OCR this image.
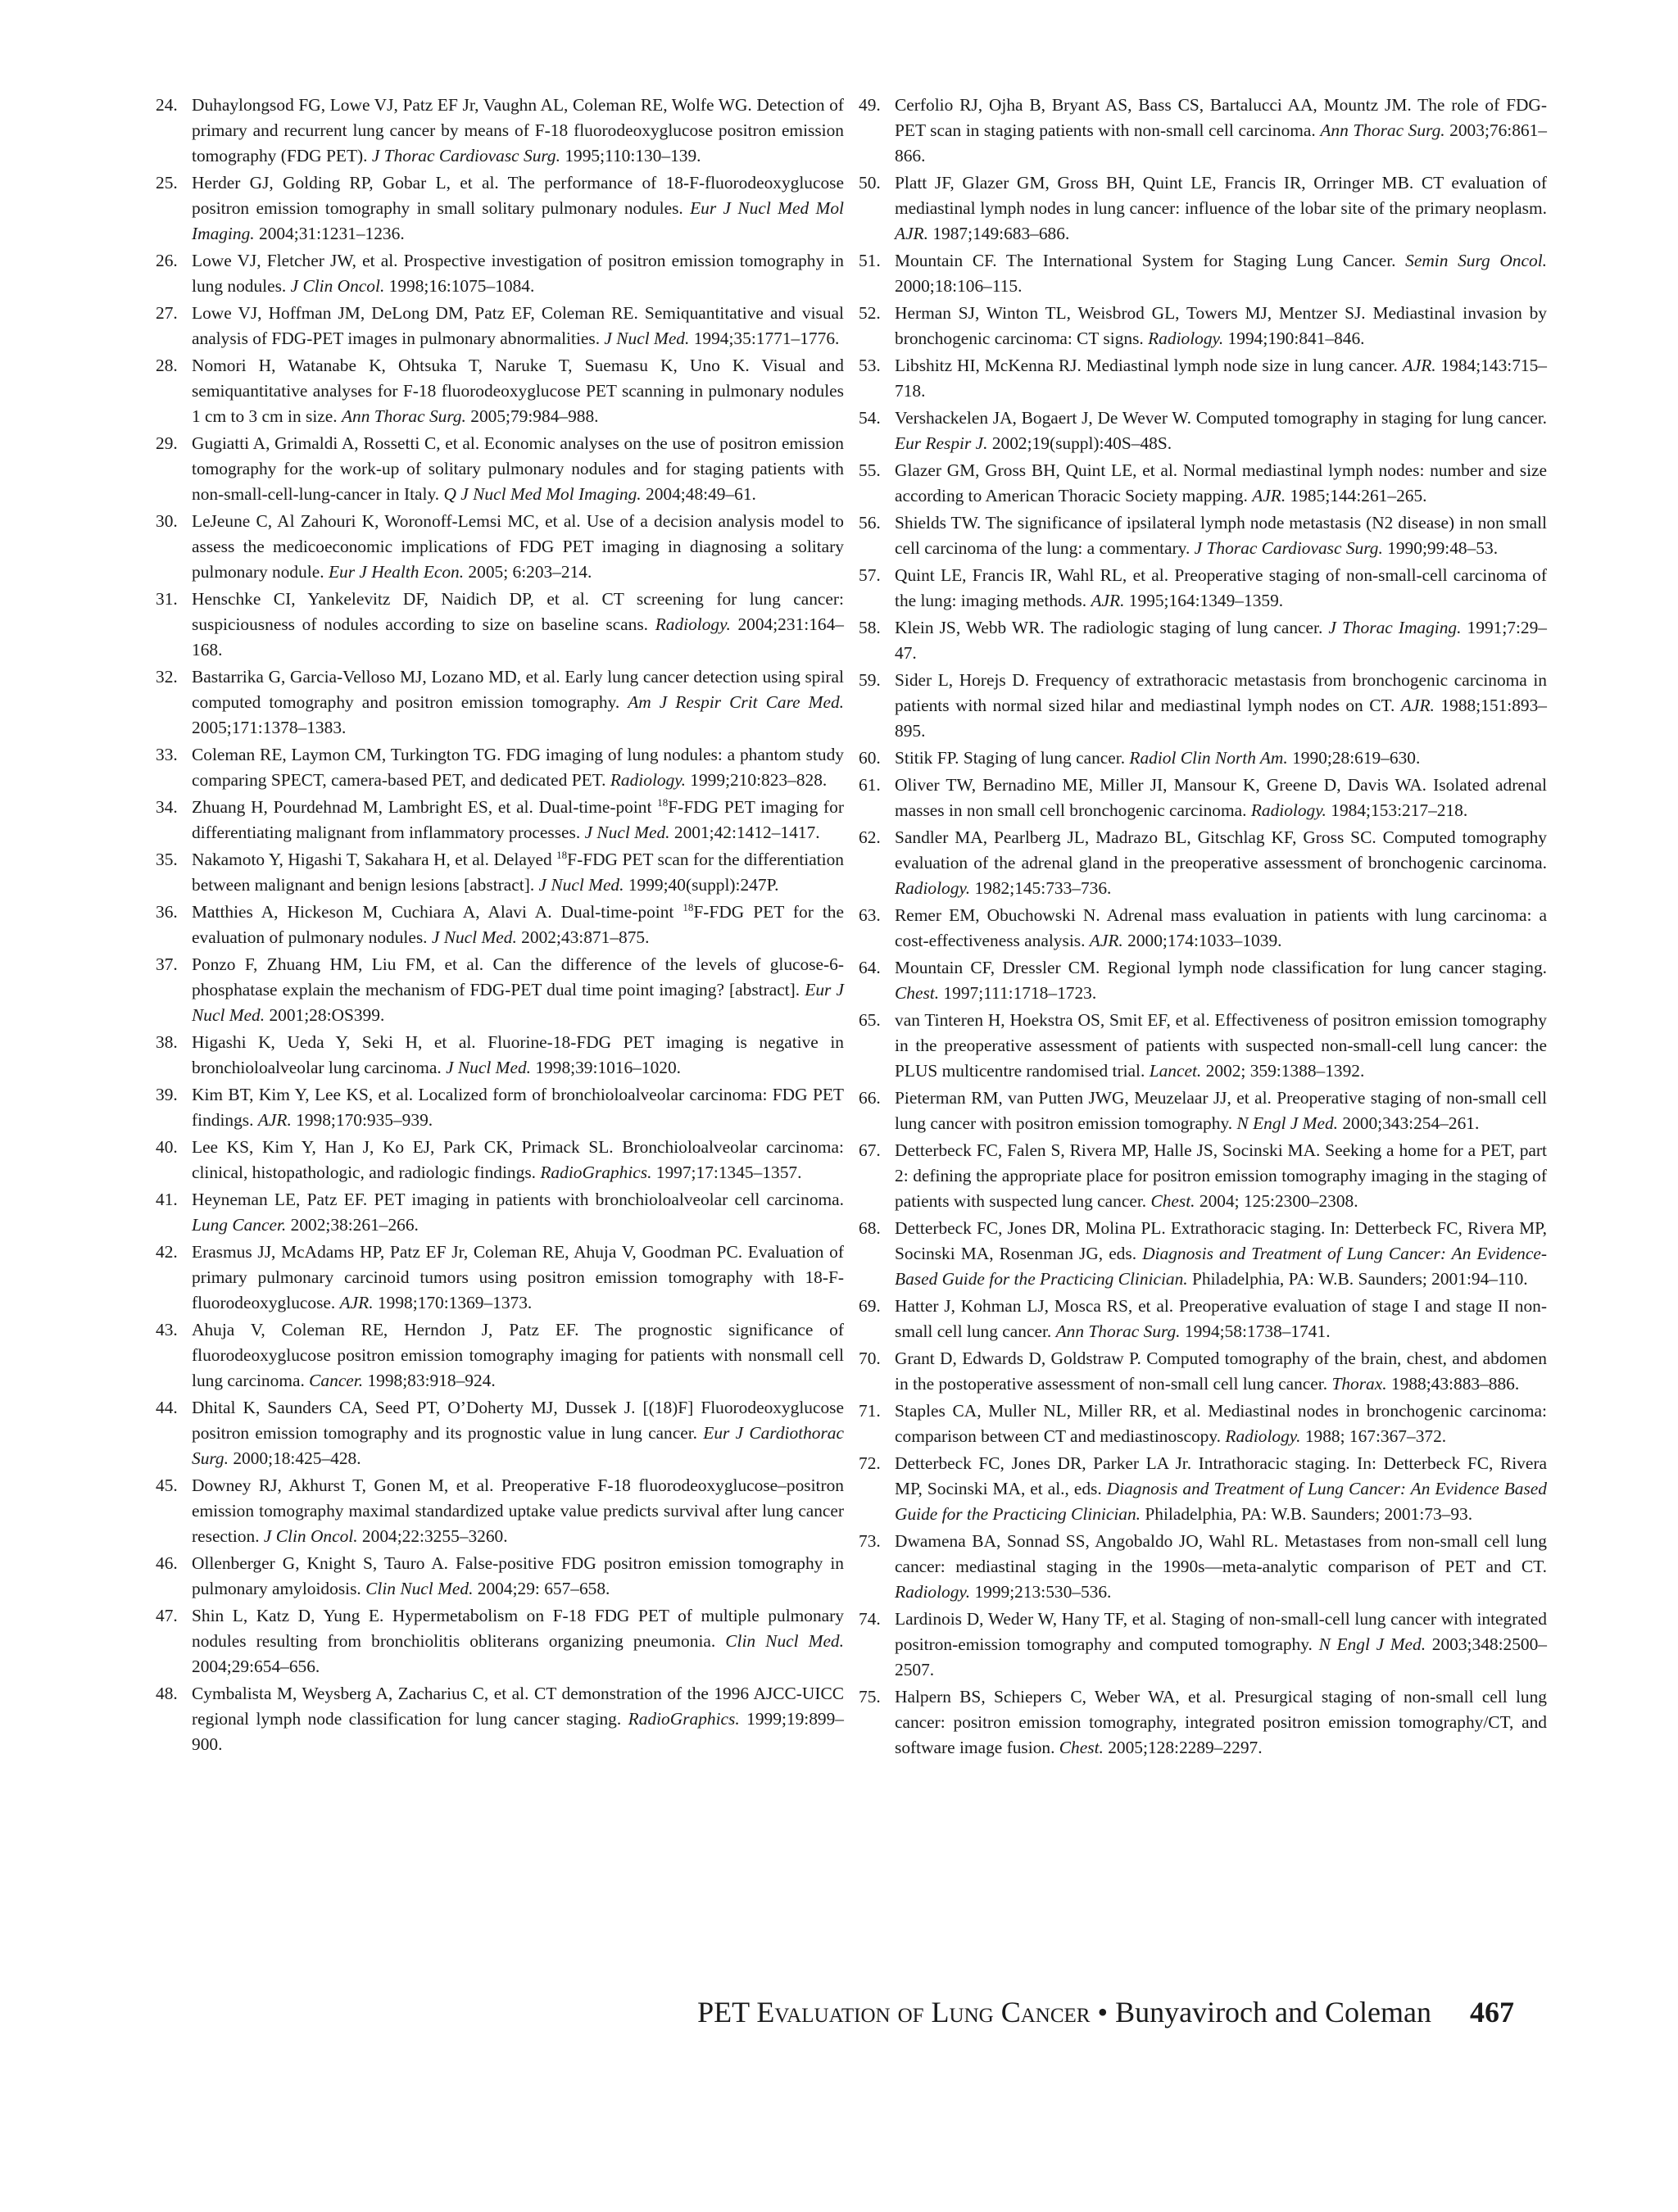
24. Duhaylongsod FG, Lowe VJ, Patz EF Jr, Vaughn AL, Coleman RE, Wolfe WG. Detection of primary and recurrent lung cancer by means of F-18 fluorodeoxyglucose positron emission tomography (FDG PET). J Thorac Cardiovasc Surg. 1995;110:130–139.
25. Herder GJ, Golding RP, Gobar L, et al. The performance of 18-F-fluorodeoxyglucose positron emission tomography in small solitary pulmonary nodules. Eur J Nucl Med Mol Imaging. 2004;31:1231–1236.
26. Lowe VJ, Fletcher JW, et al. Prospective investigation of positron emission tomography in lung nodules. J Clin Oncol. 1998;16:1075–1084.
27. Lowe VJ, Hoffman JM, DeLong DM, Patz EF, Coleman RE. Semiquantitative and visual analysis of FDG-PET images in pulmonary abnormalities. J Nucl Med. 1994;35:1771–1776.
28. Nomori H, Watanabe K, Ohtsuka T, Naruke T, Suemasu K, Uno K. Visual and semiquantitative analyses for F-18 fluorodeoxyglucose PET scanning in pulmonary nodules 1 cm to 3 cm in size. Ann Thorac Surg. 2005;79:984–988.
29. Gugiatti A, Grimaldi A, Rossetti C, et al. Economic analyses on the use of positron emission tomography for the work-up of solitary pulmonary nodules and for staging patients with non-small-cell-lung-cancer in Italy. Q J Nucl Med Mol Imaging. 2004;48:49–61.
30. LeJeune C, Al Zahouri K, Woronoff-Lemsi MC, et al. Use of a decision analysis model to assess the medicoeconomic implications of FDG PET imaging in diagnosing a solitary pulmonary nodule. Eur J Health Econ. 2005; 6:203–214.
31. Henschke CI, Yankelevitz DF, Naidich DP, et al. CT screening for lung cancer: suspiciousness of nodules according to size on baseline scans. Radiology. 2004;231:164–168.
32. Bastarrika G, Garcia-Velloso MJ, Lozano MD, et al. Early lung cancer detection using spiral computed tomography and positron emission tomography. Am J Respir Crit Care Med. 2005;171:1378–1383.
33. Coleman RE, Laymon CM, Turkington TG. FDG imaging of lung nodules: a phantom study comparing SPECT, camera-based PET, and dedicated PET. Radiology. 1999;210:823–828.
34. Zhuang H, Pourdehnad M, Lambright ES, et al. Dual-time-point $^{18}$F-FDG PET imaging for differentiating malignant from inflammatory processes. J Nucl Med. 2001;42:1412–1417.
35. Nakamoto Y, Higashi T, Sakahara H, et al. Delayed $^{18}$F-FDG PET scan for the differentiation between malignant and benign lesions [abstract]. J Nucl Med. 1999;40(suppl):247P.
36. Matthies A, Hickeson M, Cuchiara A, Alavi A. Dual-time-point $^{18}$F-FDG PET for the evaluation of pulmonary nodules. J Nucl Med. 2002;43:871–875.
37. Ponzo F, Zhuang HM, Liu FM, et al. Can the difference of the levels of glucose-6-phosphatase explain the mechanism of FDG-PET dual time point imaging? [abstract]. Eur J Nucl Med. 2001;28:OS399.
38. Higashi K, Ueda Y, Seki H, et al. Fluorine-18-FDG PET imaging is negative in bronchioloalveolar lung carcinoma. J Nucl Med. 1998;39:1016–1020.
39. Kim BT, Kim Y, Lee KS, et al. Localized form of bronchioloalveolar carcinoma: FDG PET findings. AJR. 1998;170:935–939.
40. Lee KS, Kim Y, Han J, Ko EJ, Park CK, Primack SL. Bronchioloalveolar carcinoma: clinical, histopathologic, and radiologic findings. RadioGraphics. 1997;17:1345–1357.
41. Heyneman LE, Patz EF. PET imaging in patients with bronchioloalveolar cell carcinoma. Lung Cancer. 2002;38:261–266.
42. Erasmus JJ, McAdams HP, Patz EF Jr, Coleman RE, Ahuja V, Goodman PC. Evaluation of primary pulmonary carcinoid tumors using positron emission tomography with 18-F-fluorodeoxyglucose. AJR. 1998;170:1369–1373.
43. Ahuja V, Coleman RE, Herndon J, Patz EF. The prognostic significance of fluorodeoxyglucose positron emission tomography imaging for patients with nonsmall cell lung carcinoma. Cancer. 1998;83:918–924.
44. Dhital K, Saunders CA, Seed PT, O’Doherty MJ, Dussek J. [(18)F] Fluorodeoxyglucose positron emission tomography and its prognostic value in lung cancer. Eur J Cardiothorac Surg. 2000;18:425–428.
45. Downey RJ, Akhurst T, Gonen M, et al. Preoperative F-18 fluorodeoxyglucose–positron emission tomography maximal standardized uptake value predicts survival after lung cancer resection. J Clin Oncol. 2004;22:3255–3260.
46. Ollenberger G, Knight S, Tauro A. False-positive FDG positron emission tomography in pulmonary amyloidosis. Clin Nucl Med. 2004;29: 657–658.
47. Shin L, Katz D, Yung E. Hypermetabolism on F-18 FDG PET of multiple pulmonary nodules resulting from bronchiolitis obliterans organizing pneumonia. Clin Nucl Med. 2004;29:654–656.
48. Cymbalista M, Weysberg A, Zacharius C, et al. CT demonstration of the 1996 AJCC-UICC regional lymph node classification for lung cancer staging. RadioGraphics. 1999;19:899–900.
49. Cerfolio RJ, Ojha B, Bryant AS, Bass CS, Bartalucci AA, Mountz JM. The role of FDG-PET scan in staging patients with non-small cell carcinoma. Ann Thorac Surg. 2003;76:861–866.
50. Platt JF, Glazer GM, Gross BH, Quint LE, Francis IR, Orringer MB. CT evaluation of mediastinal lymph nodes in lung cancer: influence of the lobar site of the primary neoplasm. AJR. 1987;149:683–686.
51. Mountain CF. The International System for Staging Lung Cancer. Semin Surg Oncol. 2000;18:106–115.
52. Herman SJ, Winton TL, Weisbrod GL, Towers MJ, Mentzer SJ. Mediastinal invasion by bronchogenic carcinoma: CT signs. Radiology. 1994;190:841–846.
53. Libshitz HI, McKenna RJ. Mediastinal lymph node size in lung cancer. AJR. 1984;143:715–718.
54. Vershackelen JA, Bogaert J, De Wever W. Computed tomography in staging for lung cancer. Eur Respir J. 2002;19(suppl):40S–48S.
55. Glazer GM, Gross BH, Quint LE, et al. Normal mediastinal lymph nodes: number and size according to American Thoracic Society mapping. AJR. 1985;144:261–265.
56. Shields TW. The significance of ipsilateral lymph node metastasis (N2 disease) in non small cell carcinoma of the lung: a commentary. J Thorac Cardiovasc Surg. 1990;99:48–53.
57. Quint LE, Francis IR, Wahl RL, et al. Preoperative staging of non-small-cell carcinoma of the lung: imaging methods. AJR. 1995;164:1349–1359.
58. Klein JS, Webb WR. The radiologic staging of lung cancer. J Thorac Imaging. 1991;7:29–47.
59. Sider L, Horejs D. Frequency of extrathoracic metastasis from bronchogenic carcinoma in patients with normal sized hilar and mediastinal lymph nodes on CT. AJR. 1988;151:893–895.
60. Stitik FP. Staging of lung cancer. Radiol Clin North Am. 1990;28:619–630.
61. Oliver TW, Bernadino ME, Miller JI, Mansour K, Greene D, Davis WA. Isolated adrenal masses in non small cell bronchogenic carcinoma. Radiology. 1984;153:217–218.
62. Sandler MA, Pearlberg JL, Madrazo BL, Gitschlag KF, Gross SC. Computed tomography evaluation of the adrenal gland in the preoperative assessment of bronchogenic carcinoma. Radiology. 1982;145:733–736.
63. Remer EM, Obuchowski N. Adrenal mass evaluation in patients with lung carcinoma: a cost-effectiveness analysis. AJR. 2000;174:1033–1039.
64. Mountain CF, Dressler CM. Regional lymph node classification for lung cancer staging. Chest. 1997;111:1718–1723.
65. van Tinteren H, Hoekstra OS, Smit EF, et al. Effectiveness of positron emission tomography in the preoperative assessment of patients with suspected non-small-cell lung cancer: the PLUS multicentre randomised trial. Lancet. 2002; 359:1388–1392.
66. Pieterman RM, van Putten JWG, Meuzelaar JJ, et al. Preoperative staging of non-small cell lung cancer with positron emission tomography. N Engl J Med. 2000;343:254–261.
67. Detterbeck FC, Falen S, Rivera MP, Halle JS, Socinski MA. Seeking a home for a PET, part 2: defining the appropriate place for positron emission tomography imaging in the staging of patients with suspected lung cancer. Chest. 2004; 125:2300–2308.
68. Detterbeck FC, Jones DR, Molina PL. Extrathoracic staging. In: Detterbeck FC, Rivera MP, Socinski MA, Rosenman JG, eds. Diagnosis and Treatment of Lung Cancer: An Evidence-Based Guide for the Practicing Clinician. Philadelphia, PA: W.B. Saunders; 2001:94–110.
69. Hatter J, Kohman LJ, Mosca RS, et al. Preoperative evaluation of stage I and stage II non-small cell lung cancer. Ann Thorac Surg. 1994;58:1738–1741.
70. Grant D, Edwards D, Goldstraw P. Computed tomography of the brain, chest, and abdomen in the postoperative assessment of non-small cell lung cancer. Thorax. 1988;43:883–886.
71. Staples CA, Muller NL, Miller RR, et al. Mediastinal nodes in bronchogenic carcinoma: comparison between CT and mediastinoscopy. Radiology. 1988; 167:367–372.
72. Detterbeck FC, Jones DR, Parker LA Jr. Intrathoracic staging. In: Detterbeck FC, Rivera MP, Socinski MA, et al., eds. Diagnosis and Treatment of Lung Cancer: An Evidence Based Guide for the Practicing Clinician. Philadelphia, PA: W.B. Saunders; 2001:73–93.
73. Dwamena BA, Sonnad SS, Angobaldo JO, Wahl RL. Metastases from non-small cell lung cancer: mediastinal staging in the 1990s—meta-analytic comparison of PET and CT. Radiology. 1999;213:530–536.
74. Lardinois D, Weder W, Hany TF, et al. Staging of non-small-cell lung cancer with integrated positron-emission tomography and computed tomography. N Engl J Med. 2003;348:2500–2507.
75. Halpern BS, Schiepers C, Weber WA, et al. Presurgical staging of non-small cell lung cancer: positron emission tomography, integrated positron emission tomography/CT, and software image fusion. Chest. 2005;128:2289–2297.
PET Evaluation of Lung Cancer • Bunyaviroch and Coleman 467
